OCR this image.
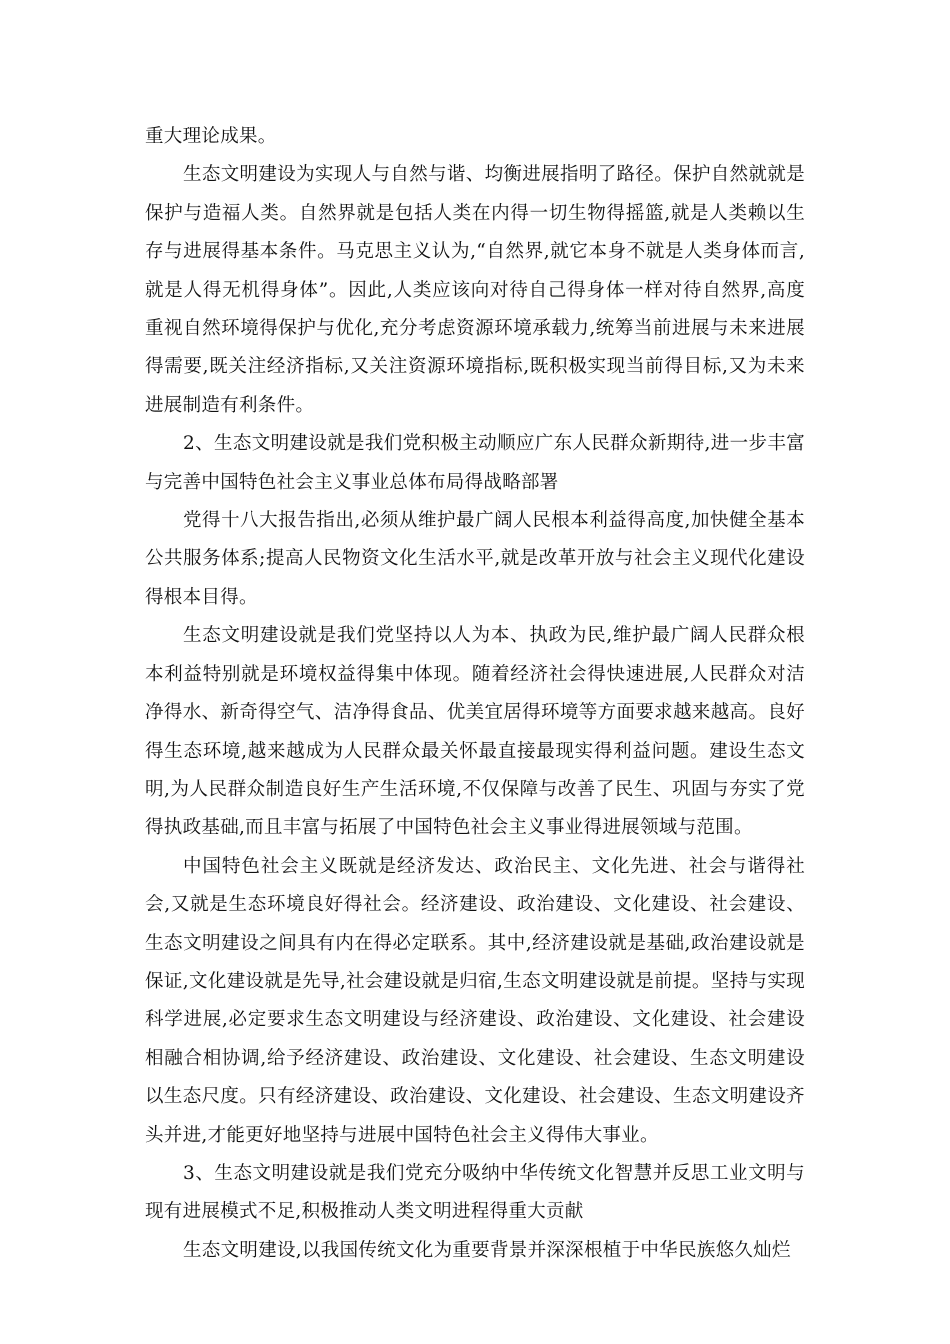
重大理论成果。

生态文明建设为实现人与自然与谐、均衡进展指明了路径。保护自然就就是保护与造福人类。自然界就是包括人类在内得一切生物得摇篮,就是人类赖以生存与进展得基本条件。马克思主义认为,“自然界,就它本身不就是人类身体而言,就是人得无机得身体”。因此,人类应该向对待自己得身体一样对待自然界,高度重视自然环境得保护与优化,充分考虑资源环境承载力,统筹当前进展与未来进展得需要,既关注经济指标,又关注资源环境指标,既积极实现当前得目标,又为未来进展制造有利条件。

2、生态文明建设就是我们党积极主动顺应广东人民群众新期待,进一步丰富与完善中国特色社会主义事业总体布局得战略部署

党得十八大报告指出,必须从维护最广阔人民根本利益得高度,加快健全基本公共服务体系;提高人民物资文化生活水平,就是改革开放与社会主义现代化建设得根本目得。

生态文明建设就是我们党坚持以人为本、执政为民,维护最广阔人民群众根本利益特别就是环境权益得集中体现。随着经济社会得快速进展,人民群众对洁净得水、新奇得空气、洁净得食品、优美宜居得环境等方面要求越来越高。良好得生态环境,越来越成为人民群众最关怀最直接最现实得利益问题。建设生态文明,为人民群众制造良好生产生活环境,不仅保障与改善了民生、巩固与夯实了党得执政基础,而且丰富与拓展了中国特色社会主义事业得进展领域与范围。

中国特色社会主义既就是经济发达、政治民主、文化先进、社会与谐得社会,又就是生态环境良好得社会。经济建设、政治建设、文化建设、社会建设、生态文明建设之间具有内在得必定联系。其中,经济建设就是基础,政治建设就是保证,文化建设就是先导,社会建设就是归宿,生态文明建设就是前提。坚持与实现科学进展,必定要求生态文明建设与经济建设、政治建设、文化建设、社会建设相融合相协调,给予经济建设、政治建设、文化建设、社会建设、生态文明建设以生态尺度。只有经济建设、政治建设、文化建设、社会建设、生态文明建设齐头并进,才能更好地坚持与进展中国特色社会主义得伟大事业。

3、生态文明建设就是我们党充分吸纳中华传统文化智慧并反思工业文明与现有进展模式不足,积极推动人类文明进程得重大贡献

生态文明建设,以我国传统文化为重要背景并深深根植于中华民族悠久灿烂
